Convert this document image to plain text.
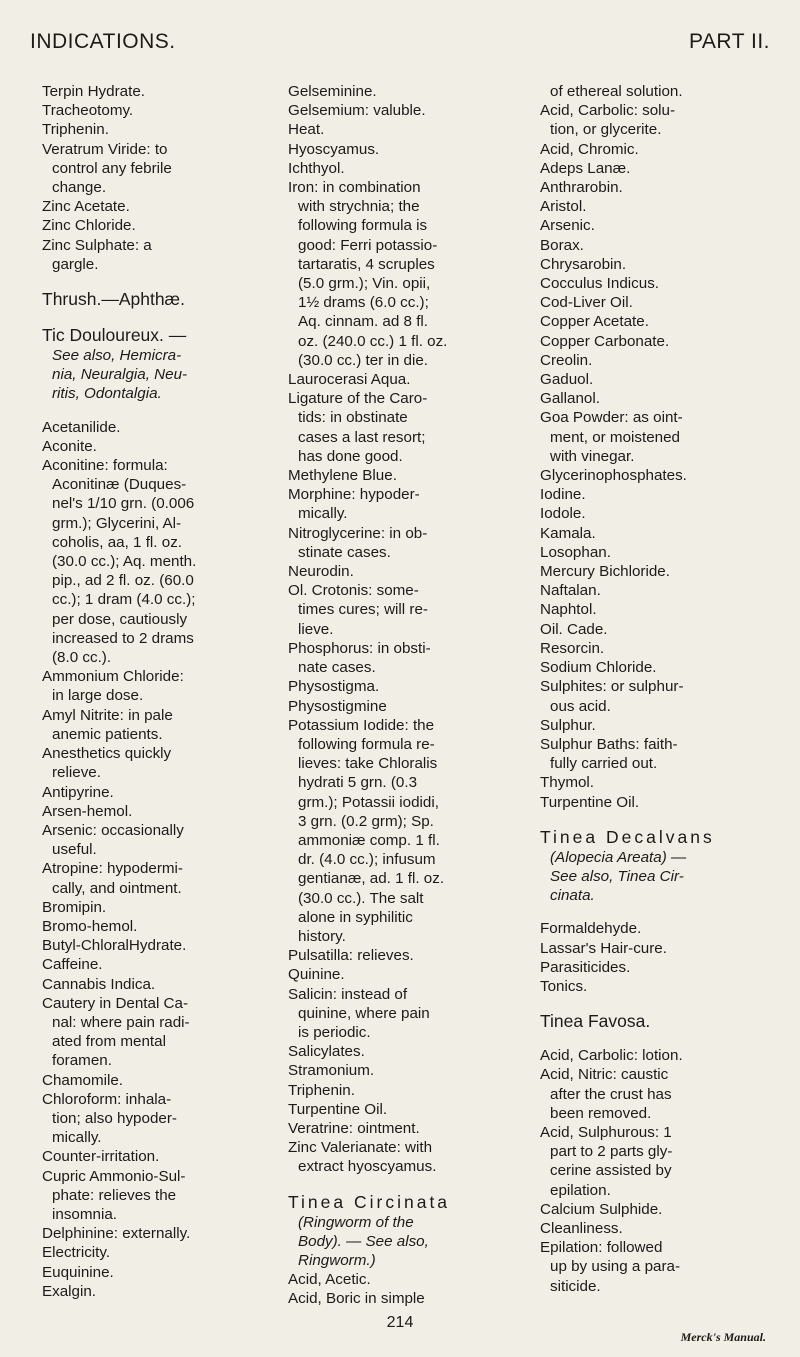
INDICATIONS.	PART II.

Terpin Hydrate.

Tracheotomy.

Triphenin.

Veratrum Viride: to

control any febrile

change.

Zinc Acetate.

Zinc Chloride.

Zinc Sulphate: a

gargle.

Thrush.—Aphthæ.

Tic Douloureux. —

See also, Hemicra-

nia, Neuralgia, Neu-

ritis, Odontalgia.

Acetanilide.

Aconite.

Aconitine: formula:

Aconitinæ (Duques-

nel's 1/10 grn. (0.006

grm.); Glycerini, Al-

coholis, aa, 1 fl. oz.

(30.0 cc.); Aq. menth.

pip., ad 2 fl. oz. (60.0

cc.); 1 dram (4.0 cc.);

per dose, cautiously

increased to 2 drams

(8.0 cc.).

Ammonium Chloride:

in large dose.

Amyl Nitrite: in pale

anemic patients.

Anesthetics quickly

relieve.

Antipyrine.

Arsen-hemol.

Arsenic: occasionally

useful.

Atropine: hypodermi-

cally, and ointment.

Bromipin.

Bromo-hemol.

Butyl-ChloralHydrate.

Caffeine.

Cannabis Indica.

Cautery in Dental Ca-

nal: where pain radi-

ated from mental

foramen.

Chamomile.

Chloroform: inhala-

tion; also hypoder-

mically.

Counter-irritation.

Cupric Ammonio-Sul-

phate: relieves the

insomnia.

Delphinine: externally.

Electricity.

Euquinine.

Exalgin.

Gelseminine.

Gelsemium: valuble.

Heat.

Hyoscyamus.

Ichthyol.

Iron: in combination

with strychnia; the

following formula is

good: Ferri potassio-

tartaratis, 4 scruples

(5.0 grm.); Vin. opii,

1½ drams (6.0 cc.);

Aq. cinnam. ad 8 fl.

oz. (240.0 cc.) 1 fl. oz.

(30.0 cc.) ter in die.

Laurocerasi Aqua.

Ligature of the Caro-

tids: in obstinate

cases a last resort;

has done good.

Methylene Blue.

Morphine: hypoder-

mically.

Nitroglycerine: in ob-

stinate cases.

Neurodin.

Ol. Crotonis: some-

times cures; will re-

lieve.

Phosphorus: in obsti-

nate cases.

Physostigma.

Physostigmine

Potassium Iodide: the

following formula re-

lieves: take Chloralis

hydrati 5 grn. (0.3

grm.); Potassii iodidi,

3 grn. (0.2 grm); Sp.

ammoniæ comp. 1 fl.

dr. (4.0 cc.); infusum

gentianæ, ad. 1 fl. oz.

(30.0 cc.). The salt

alone in syphilitic

history.

Pulsatilla: relieves.

Quinine.

Salicin: instead of

quinine, where pain

is periodic.

Salicylates.

Stramonium.

Triphenin.

Turpentine Oil.

Veratrine: ointment.

Zinc Valerianate: with

extract hyoscyamus.

Tinea Circinata

(Ringworm of the

Body). — See also,

Ringworm.)

Acid, Acetic.

Acid, Boric in simple

of ethereal solution.

Acid, Carbolic: solu-

tion, or glycerite.

Acid, Chromic.

Adeps Lanæ.

Anthrarobin.

Aristol.

Arsenic.

Borax.

Chrysarobin.

Cocculus Indicus.

Cod-Liver Oil.

Copper Acetate.

Copper Carbonate.

Creolin.

Gaduol.

Gallanol.

Goa Powder: as oint-

ment, or moistened

with vinegar.

Glycerinophosphates.

Iodine.

Iodole.

Kamala.

Losophan.

Mercury Bichloride.

Naftalan.

Naphtol.

Oil. Cade.

Resorcin.

Sodium Chloride.

Sulphites: or sulphur-

ous acid.

Sulphur.

Sulphur Baths: faith-

fully carried out.

Thymol.

Turpentine Oil.

Tinea Decalvans

(Alopecia Areata) —

See also, Tinea Cir-

cinata.

Formaldehyde.

Lassar's Hair-cure.

Parasiticides.

Tonics.

Tinea Favosa.

Acid, Carbolic: lotion.

Acid, Nitric: caustic

after the crust has

been removed.

Acid, Sulphurous: 1

part to 2 parts gly-

cerine assisted by

epilation.

Calcium Sulphide.

Cleanliness.

Epilation: followed

up by using a para-

siticide.

214
Merck's Manual.
